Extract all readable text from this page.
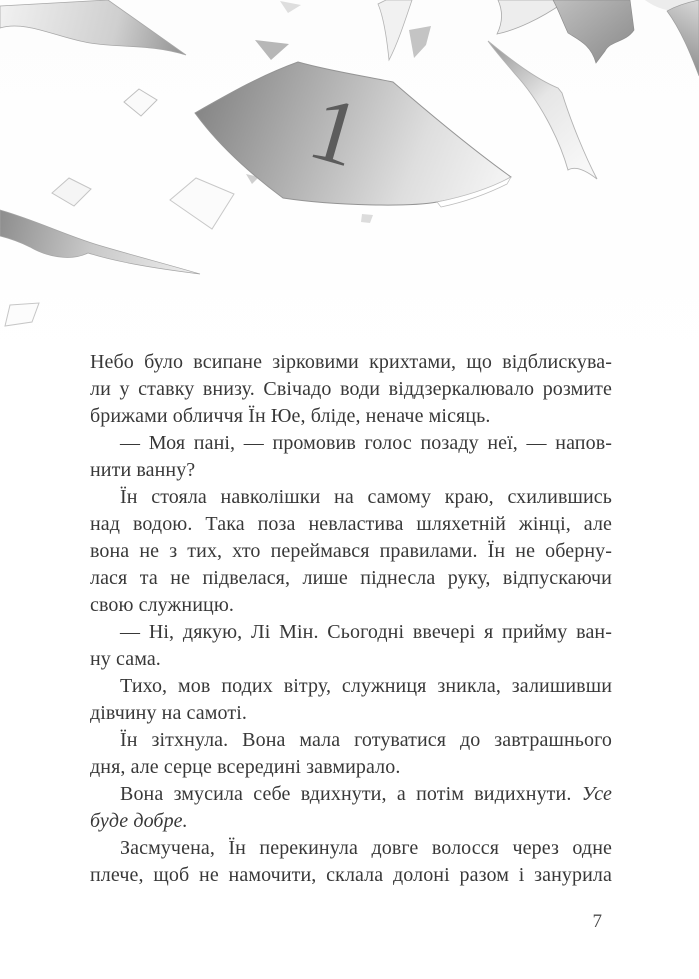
1
Небо було всипане зірковими крихтами, що відблискува-
ли у ставку внизу. Свічадо води віддзеркалювало розмите
брижами обличчя Їн Юе, бліде, неначе місяць.
— Моя пані, — промовив голос позаду неї, — напов-
нити ванну?
Їн стояла навколішки на самому краю, схилившись
над водою. Така поза невластива шляхетній жінці, але
вона не з тих, хто переймався правилами. Їн не оберну-
лася та не підвелася, лише піднесла руку, відпускаючи
свою служницю.
— Ні, дякую, Лі Мін. Сьогодні ввечері я прийму ван-
ну сама.
Тихо, мов подих вітру, служниця зникла, залишивши
дівчину на самоті.
Їн зітхнула. Вона мала готуватися до завтрашнього
дня, але серце всередині завмирало.
Вона змусила себе вдихнути, а потім видихнути. Усе
буде добре.
Засмучена, Їн перекинула довге волосся через одне
плече, щоб не намочити, склала долоні разом і занурила
7
